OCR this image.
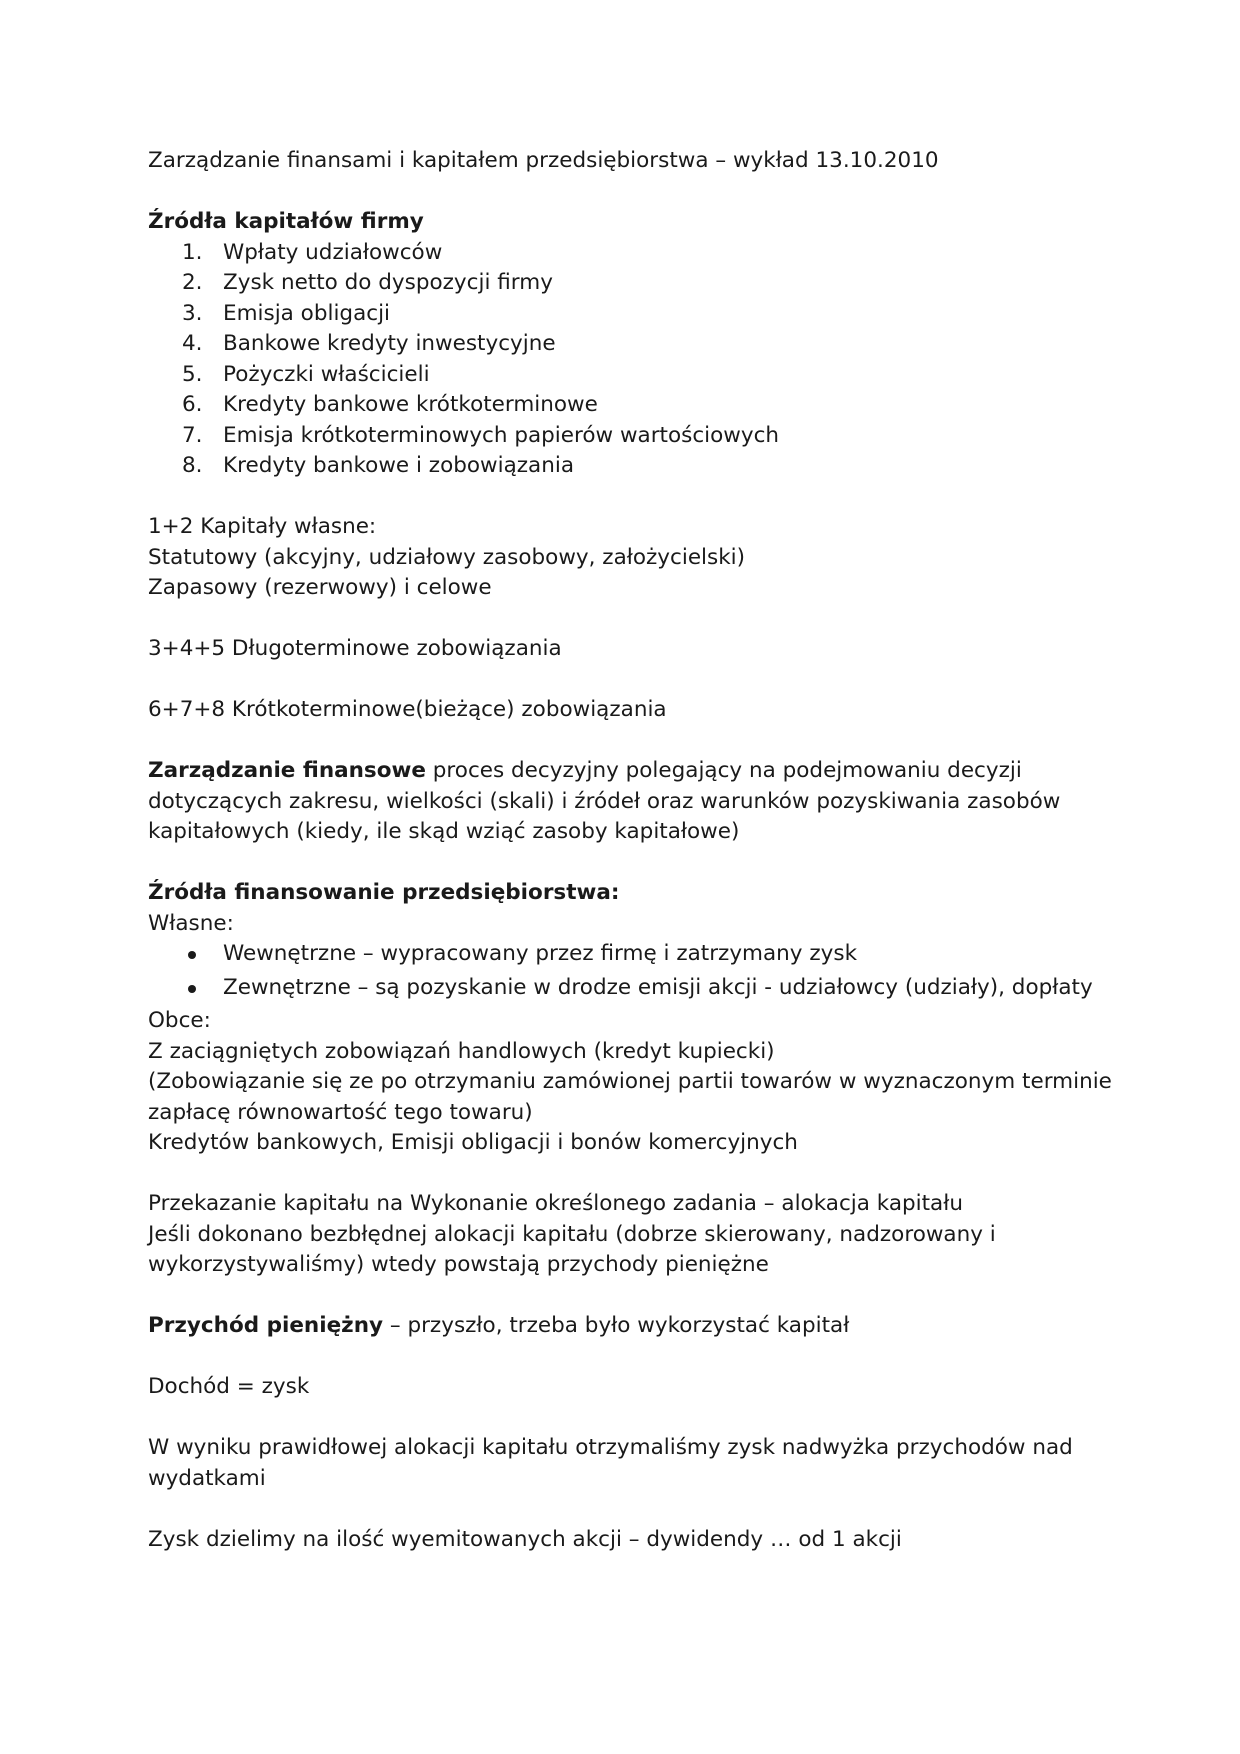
Zarządzanie finansami i kapitałem przedsiębiorstwa – wykład 13.10.2010

Źródła kapitałów firmy

1. Wpłaty udziałowców
2. Zysk netto do dyspozycji firmy
3. Emisja obligacji
4. Bankowe kredyty inwestycyjne
5. Pożyczki właścicieli
6. Kredyty bankowe krótkoterminowe
7. Emisja krótkoterminowych papierów wartościowych
8. Kredyty bankowe i zobowiązania

1+2 Kapitały własne:

Statutowy (akcyjny, udziałowy zasobowy, założycielski)

Zapasowy (rezerwowy) i celowe

3+4+5 Długoterminowe zobowiązania

6+7+8 Krótkoterminowe(bieżące) zobowiązania

Zarządzanie finansowe proces decyzyjny polegający na podejmowaniu decyzji dotyczących zakresu, wielkości (skali) i źródeł oraz warunków pozyskiwania zasobów kapitałowych (kiedy, ile skąd wziąć zasoby kapitałowe)

Źródła finansowanie przedsiębiorstwa:

Własne:

Wewnętrzne – wypracowany przez firmę i zatrzymany zysk
Zewnętrzne – są pozyskanie w drodze emisji akcji - udziałowcy (udziały), dopłaty

Obce:

Z zaciągniętych zobowiązań handlowych (kredyt kupiecki)

(Zobowiązanie się ze po otrzymaniu zamówionej partii towarów w wyznaczonym terminie zapłacę równowartość tego towaru)

Kredytów bankowych, Emisji obligacji i bonów komercyjnych

Przekazanie kapitału na Wykonanie określonego zadania – alokacja kapitału

Jeśli dokonano bezbłędnej alokacji kapitału (dobrze skierowany, nadzorowany i wykorzystywaliśmy) wtedy powstają przychody pieniężne

Przychód pieniężny – przyszło, trzeba było wykorzystać kapitał

Dochód = zysk

W wyniku prawidłowej alokacji kapitału otrzymaliśmy zysk nadwyżka przychodów nad wydatkami

Zysk dzielimy na ilość wyemitowanych akcji – dywidendy … od 1 akcji
